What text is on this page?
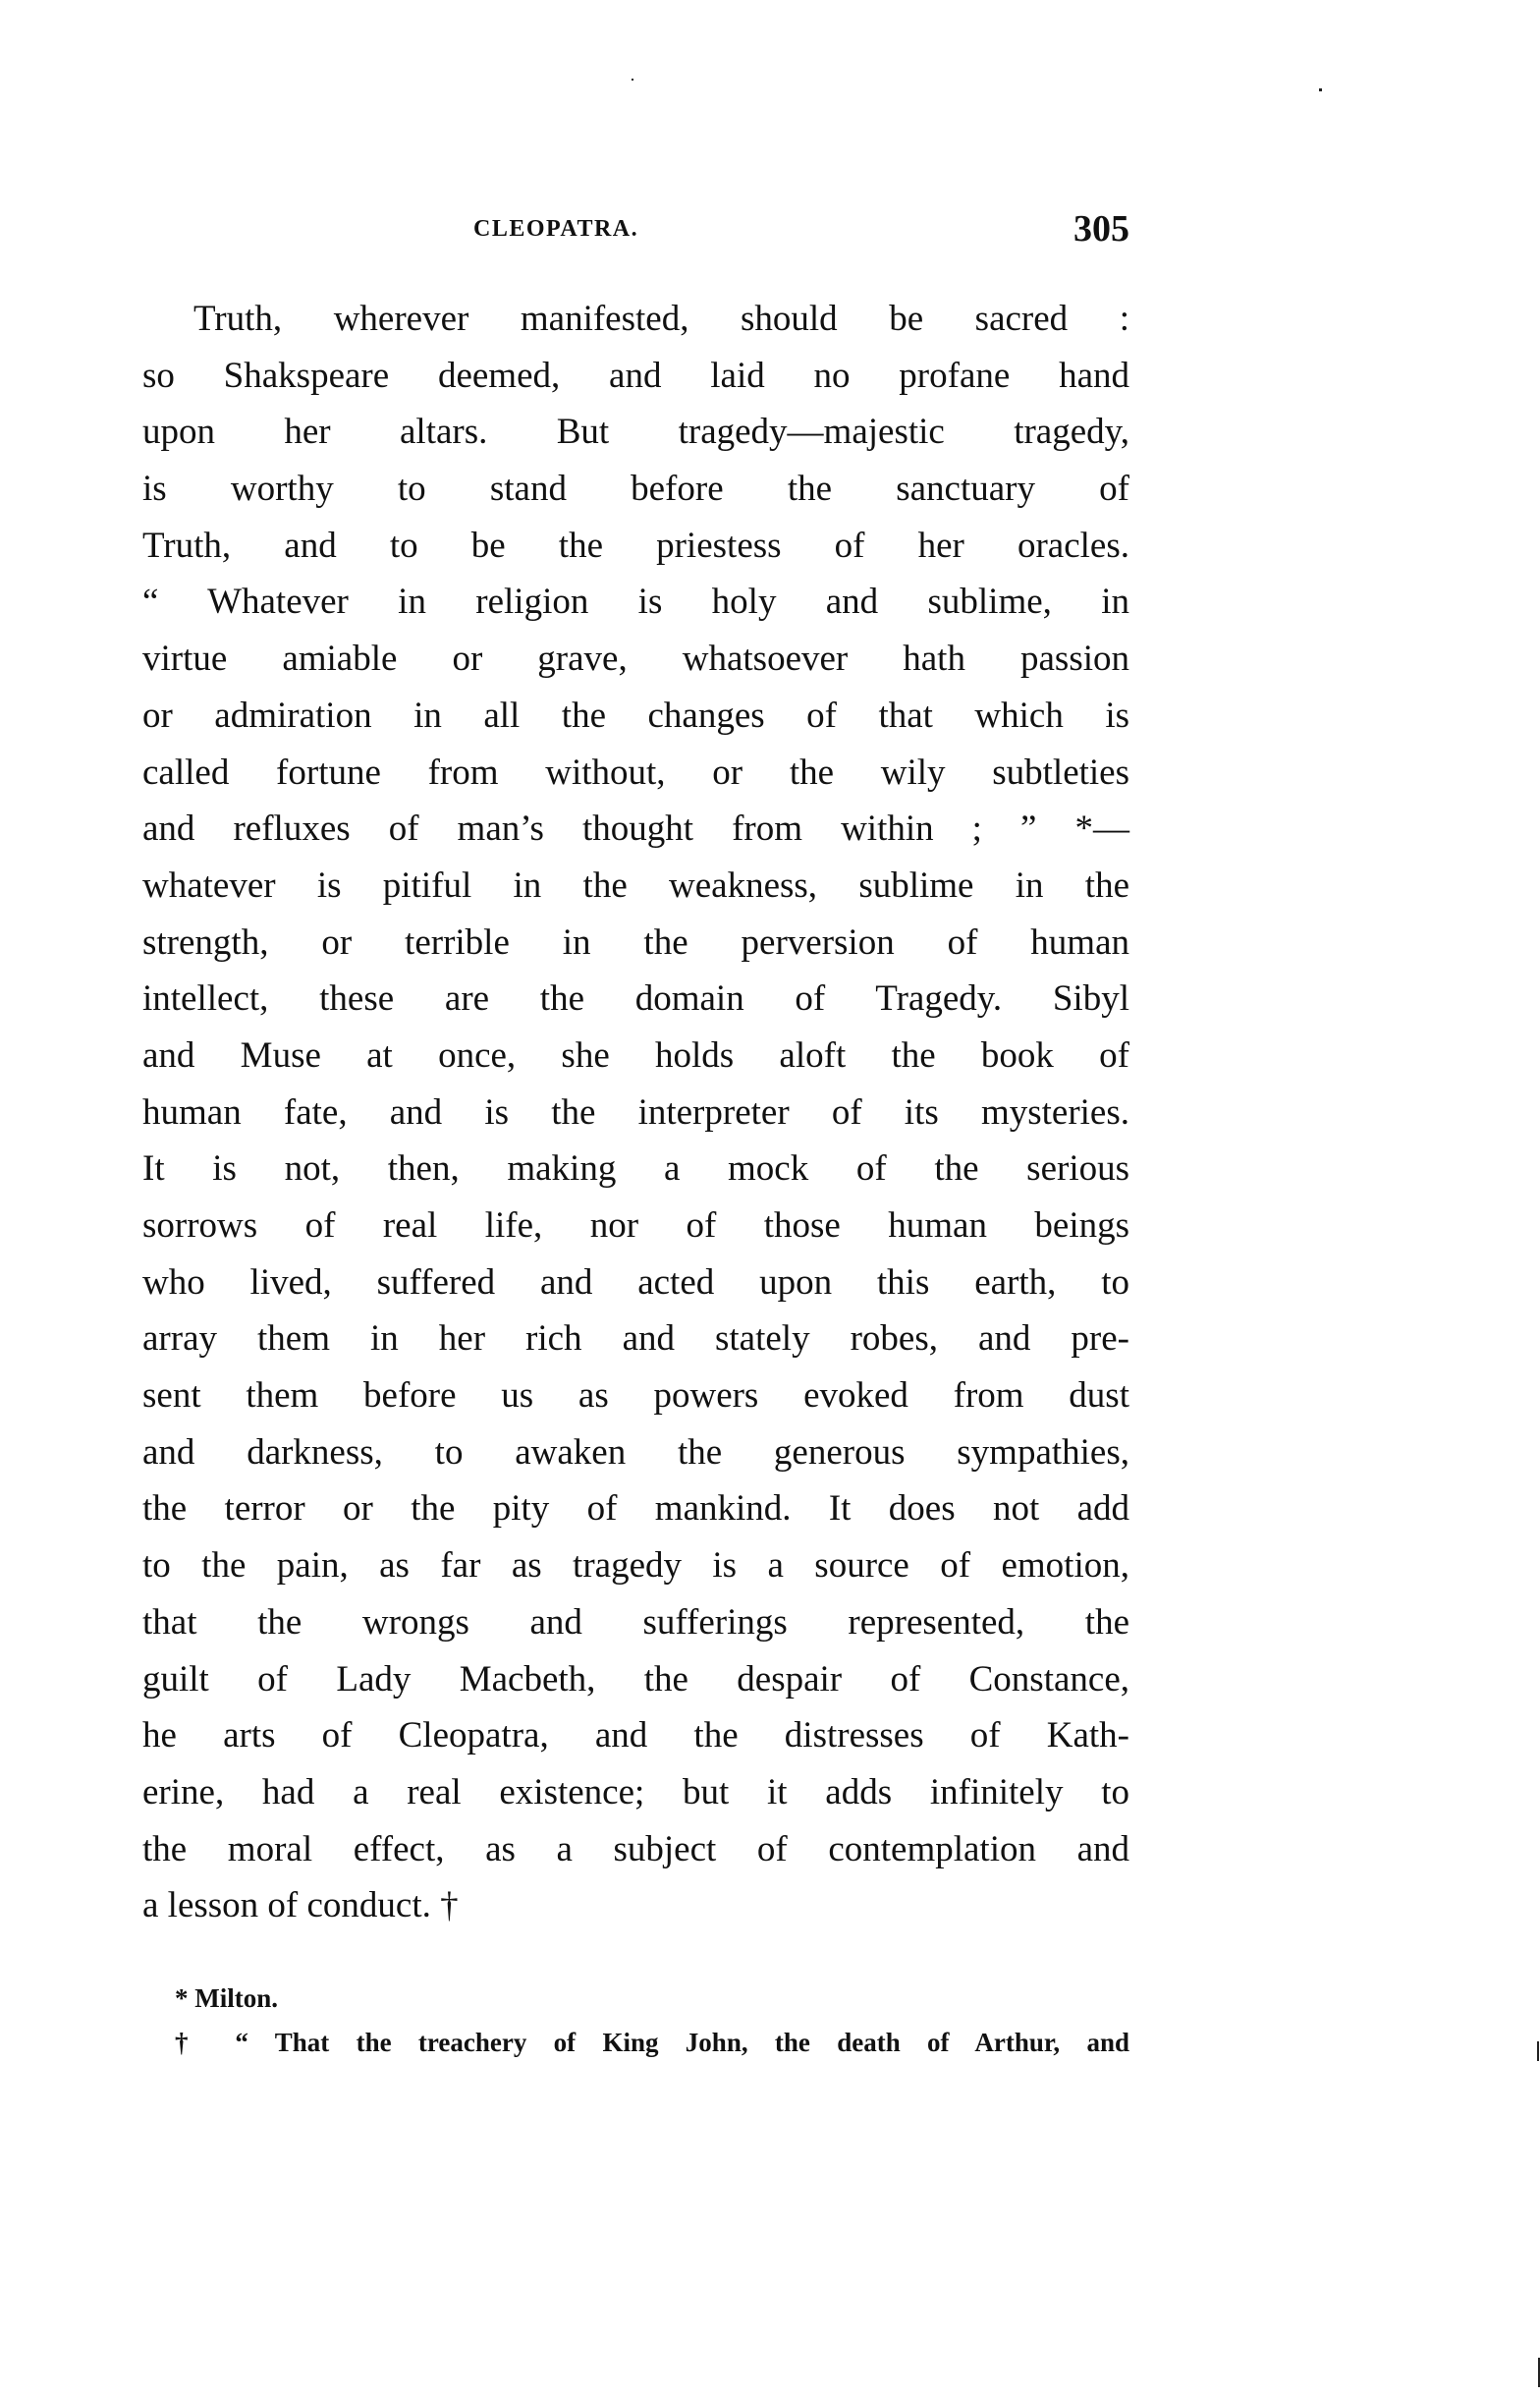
CLEOPATRA.	305
Truth, wherever manifested, should be sacred :
so Shakspeare deemed, and laid no profane hand
upon her altars. But tragedy—majestic tragedy,
is worthy to stand before the sanctuary of
Truth, and to be the priestess of her oracles.
“ Whatever in religion is holy and sublime, in
virtue amiable or grave, whatsoever hath passion
or admiration in all the changes of that which is
called fortune from without, or the wily subtleties
and refluxes of man’s thought from within ; ” *—
whatever is pitiful in the weakness, sublime in the
strength, or terrible in the perversion of human
intellect, these are the domain of Tragedy. Sibyl
and Muse at once, she holds aloft the book of
human fate, and is the interpreter of its mysteries.
It is not, then, making a mock of the serious
sorrows of real life, nor of those human beings
who lived, suffered and acted upon this earth, to
array them in her rich and stately robes, and pre-
sent them before us as powers evoked from dust
and darkness, to awaken the generous sympathies,
the terror or the pity of mankind. It does not add
to the pain, as far as tragedy is a source of emotion,
that the wrongs and sufferings represented, the
guilt of Lady Macbeth, the despair of Constance,
he arts of Cleopatra, and the distresses of Kath-
erine, had a real existence; but it adds infinitely to
the moral effect, as a subject of contemplation and
a lesson of conduct. †
* Milton.
† “ That the treachery of King John, the death of Arthur, and
